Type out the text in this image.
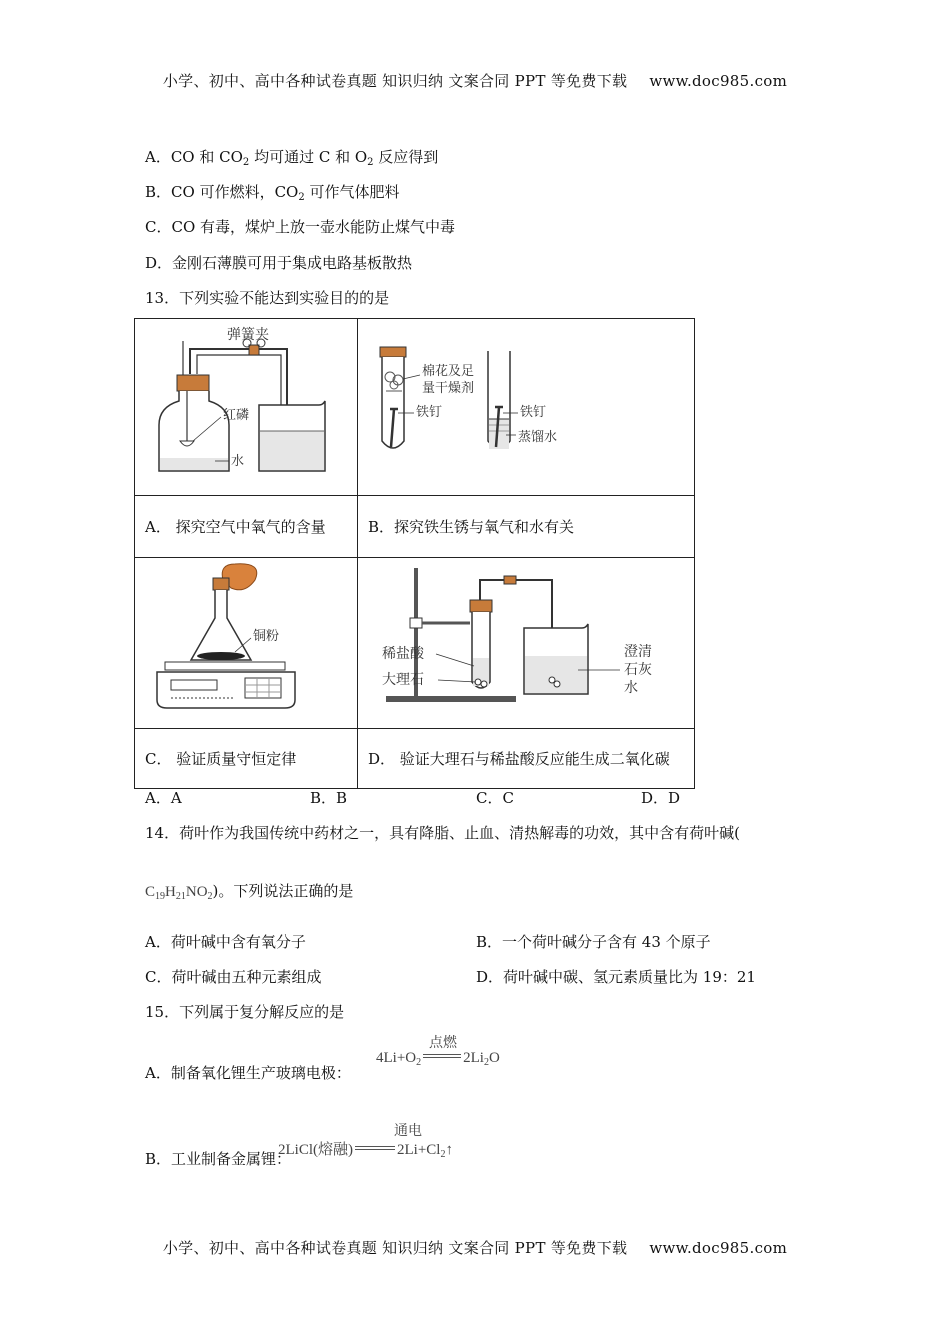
小学、初中、高中各种试卷真题 知识归纳 文案合同 PPT 等免费下载 www.doc985.com
A．CO 和 $CO_2$ 均可通过 C 和 $O_2$ 反应得到
B．CO 可作燃料，$CO_2$ 可作气体肥料
C．CO 有毒，煤炉上放一壶水能防止煤气中毒
D．金刚石薄膜可用于集成电路基板散热
13．下列实验不能达到实验目的的是
弹簧夹
红磷
水	棉花及足
量干燥剂
铁钉 铁钉
蒸馏水

A． 探究空气中氧气的含量	B．探究铁生锈与氧气和水有关

铜粉	稀盐酸
大理石
澄清
石灰
水

C． 验证质量守恒定律	D． 验证大理石与稀盐酸反应能生成二氧化碳
A．A	B．B	C．C	D．D
14．荷叶作为我国传统中药材之一，具有降脂、止血、清热解毒的功效，其中含有荷叶碱(
$C_{19}H_{21}NO_2$)。下列说法正确的是
A．荷叶碱中含有氧分子	B．一个荷叶碱分子含有 43 个原子
C．荷叶碱由五种元素组成	D．荷叶碱中碳、氢元素质量比为 19：21
15．下列属于复分解反应的是
A．制备氧化锂生产玻璃电极：
点燃
$4Li+O_2$	$2Li_2O$
B．工业制备金属锂：
通电
2LiCl(熔融)	$2Li+Cl_2↑$
小学、初中、高中各种试卷真题 知识归纳 文案合同 PPT 等免费下载 www.doc985.com
